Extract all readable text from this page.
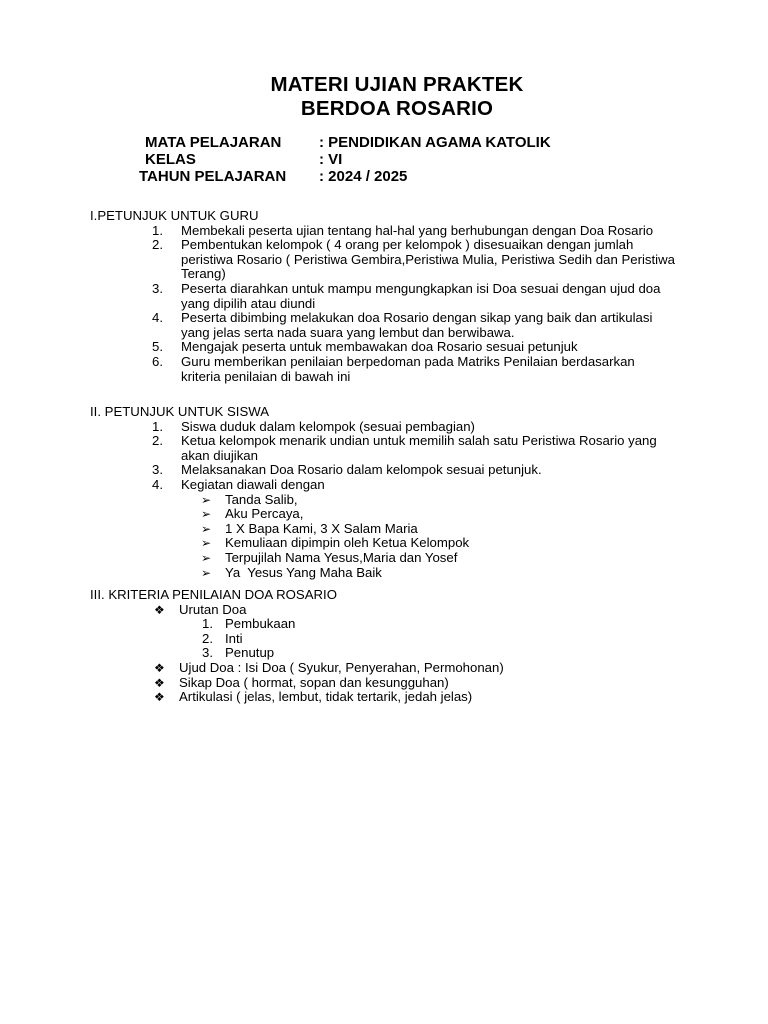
MATERI UJIAN PRAKTEK
BERDOA ROSARIO
MATA PELAJARAN	: PENDIDIKAN AGAMA KATOLIK
KELAS	: VI
TAHUN PELAJARAN	: 2024 / 2025
I.PETUNJUK UNTUK GURU
1. Membekali peserta ujian tentang hal-hal yang berhubungan dengan Doa Rosario
2. Pembentukan kelompok ( 4 orang per kelompok ) disesuaikan dengan jumlah peristiwa Rosario ( Peristiwa Gembira,Peristiwa Mulia, Peristiwa Sedih dan Peristiwa Terang)
3. Peserta diarahkan untuk mampu mengungkapkan isi Doa sesuai dengan ujud doa yang dipilih atau diundi
4. Peserta dibimbing melakukan doa Rosario dengan sikap yang baik dan artikulasi yang jelas serta nada suara yang lembut dan berwibawa.
5. Mengajak peserta untuk membawakan doa Rosario sesuai petunjuk
6. Guru memberikan penilaian berpedoman pada Matriks Penilaian berdasarkan kriteria penilaian di bawah ini
II. PETUNJUK UNTUK SISWA
1. Siswa duduk dalam kelompok (sesuai pembagian)
2. Ketua kelompok menarik undian untuk memilih salah satu Peristiwa Rosario yang akan diujikan
3. Melaksanakan Doa Rosario dalam kelompok sesuai petunjuk.
4. Kegiatan diawali dengan
➢ Tanda Salib,
➢ Aku Percaya,
➢ 1 X Bapa Kami, 3 X Salam Maria
➢ Kemuliaan dipimpin oleh Ketua Kelompok
➢ Terpujilah Nama Yesus,Maria dan Yosef
➢ Ya  Yesus Yang Maha Baik
III. KRITERIA PENILAIAN DOA ROSARIO
❖ Urutan Doa
1. Pembukaan
2. Inti
3. Penutup
❖ Ujud Doa : Isi Doa ( Syukur, Penyerahan, Permohonan)
❖ Sikap Doa ( hormat, sopan dan kesungguhan)
❖ Artikulasi ( jelas, lembut, tidak tertarik, jedah jelas)
